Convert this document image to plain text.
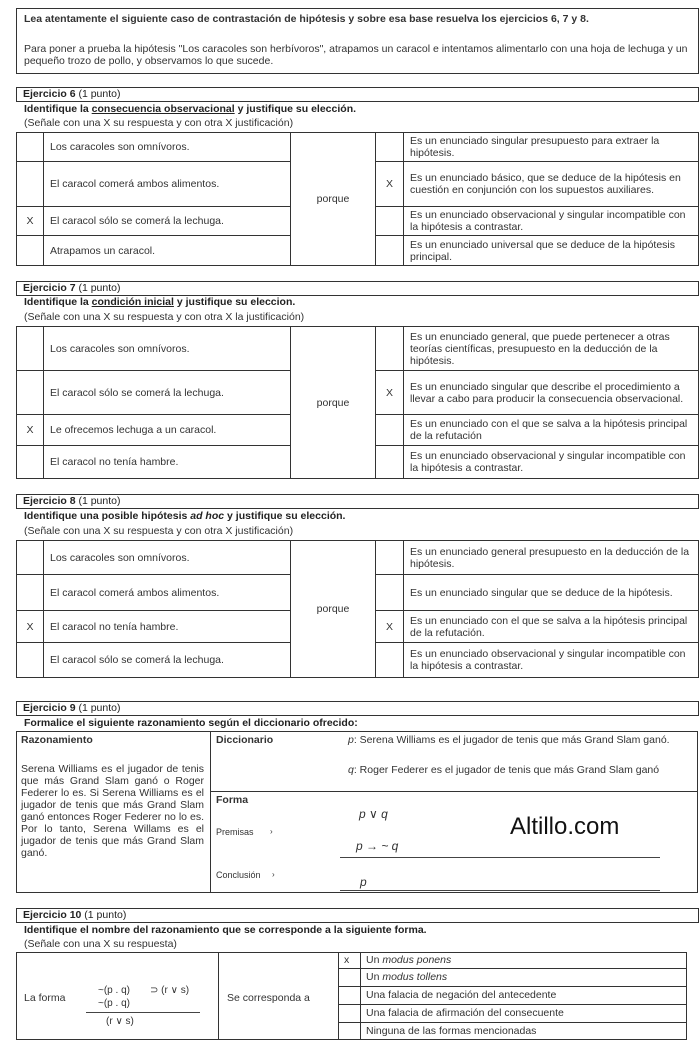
Lea atentamente el siguiente caso de contrastación de hipótesis y sobre esa base resuelva los ejercicios 6, 7 y 8.
Para poner a prueba la hipótesis "Los caracoles son herbívoros", atrapamos un caracol e intentamos alimentarlo con una hoja de lechuga y un pequeño trozo de pollo, y observamos lo que sucede.
Ejercicio 6 (1 punto)
Identifique la consecuencia observacional y justifique su elección.
(Señale con una X su respuesta y con otra X justificación)
	Los caracoles son omnívoros.	porque		Es un enunciado singular presupuesto para extraer la hipótesis.
	El caracol comerá ambos alimentos.		X	Es un enunciado básico, que se deduce de la hipótesis en cuestión en conjunción con los supuestos auxiliares.
X	El caracol sólo se comerá la lechuga.			Es un enunciado observacional y singular incompatible con la hipótesis a contrastar.
	Atrapamos un caracol.			Es un enunciado universal que se deduce de la hipótesis principal.
Ejercicio 7 (1 punto)
Identifique la condición inicial y justifique su eleccion.
(Señale con una X su respuesta y con otra X la justificación)
	Los caracoles son omnívoros.	porque		Es un enunciado general, que puede pertenecer a otras teorías científicas, presupuesto en la deducción de la hipótesis.
	El caracol sólo se comerá la lechuga.		X	Es un enunciado singular que describe el procedimiento a llevar a cabo para producir la consecuencia observacional.
X	Le ofrecemos lechuga a un caracol.			Es un enunciado con el que se salva a la hipótesis principal de la refutación
	El caracol no tenía hambre.			Es un enunciado observacional y singular incompatible con la hipótesis a contrastar.
Ejercicio 8 (1 punto)
Identifique una posible hipótesis ad hoc y justifique su elección.
(Señale con una X su respuesta y con otra X justificación)
	Los caracoles son omnívoros.	porque		Es un enunciado general presupuesto en la deducción de la hipótesis.
	El caracol comerá ambos alimentos.			Es un enunciado singular que se deduce de la hipótesis.
X	El caracol no tenía hambre.		X	Es un enunciado con el que se salva a la hipótesis principal de la refutación.
	El caracol sólo se comerá la lechuga.			Es un enunciado observacional y singular incompatible con la hipótesis a contrastar.
Ejercicio 9 (1 punto)
Formalice el siguiente razonamiento según el diccionario ofrecido:
Razonamiento
Serena Williams es el jugador de tenis que más Grand Slam ganó o Roger Federer lo es. Si Serena Williams es el jugador de tenis que más Grand Slam ganó entonces Roger Federer no lo es. Por lo tanto, Serena Willams es el jugador de tenis que más Grand Slam ganó.
Diccionario	p: Serena Williams es el jugador de tenis que más Grand Slam ganó.
q: Roger Federer es el jugador de tenis que más Grand Slam ganó
Forma
Premisas ›
p ∨ q
p → ~ q
Conclusión ›
p
Altillo.com
Ejercicio 10 (1 punto)
Identifique el nombre del razonamiento que se corresponde a la siguiente forma.
(Señale con una X su respuesta)
La forma
~(p . q) ⊃ (r ∨ s)
~(p . q)
(r ∨ s)
Se corresponda a
x Un modus ponens
Un modus tollens
Una falacia de negación del antecedente
Una falacia de afirmación del consecuente
Ninguna de las formas mencionadas
